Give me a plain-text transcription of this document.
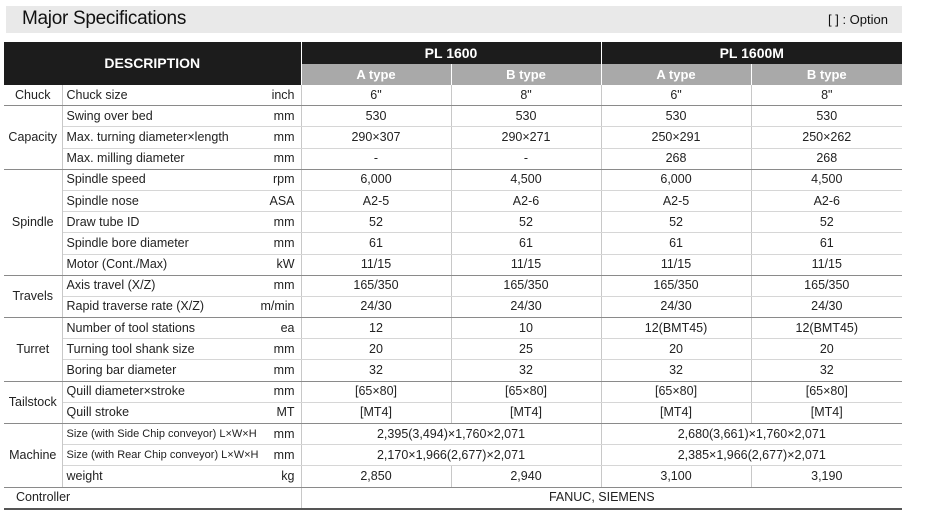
Major Specifications	[ ] : Option
DESCRIPTION			PL 1600		PL 1600M	
			A type	B type	A type	B type
Chuck	Chuck size	inch	6"	8"	6"	8"
Capacity	Swing over bed	mm	530	530	530	530
	Max. turning diameter×length	mm	290×307	290×271	250×291	250×262
	Max. milling diameter	mm	-	-	268	268
Spindle	Spindle speed	rpm	6,000	4,500	6,000	4,500
	Spindle nose	ASA	A2-5	A2-6	A2-5	A2-6
	Draw tube ID	mm	52	52	52	52
	Spindle bore diameter	mm	61	61	61	61
	Motor (Cont./Max)	kW	11/15	11/15	11/15	11/15
Travels	Axis travel (X/Z)	mm	165/350	165/350	165/350	165/350
	Rapid traverse rate (X/Z)	m/min	24/30	24/30	24/30	24/30
Turret	Number of tool stations	ea	12	10	12(BMT45)	12(BMT45)
	Turning tool shank size	mm	20	25	20	20
	Boring bar diameter	mm	32	32	32	32
Tailstock	Quill diameter×stroke	mm	[65×80]	[65×80]	[65×80]	[65×80]
	Quill stroke	MT	[MT4]	[MT4]	[MT4]	[MT4]
Machine	Size (with Side Chip conveyor) L×W×H	mm	2,395(3,494)×1,760×2,071		2,680(3,661)×1,760×2,071	
	Size (with Rear Chip conveyor) L×W×H	mm	2,170×1,966(2,677)×2,071		2,385×1,966(2,677)×2,071	
	weight	kg	2,850	2,940	3,100	3,190
Controller			FANUC, SIEMENS			
